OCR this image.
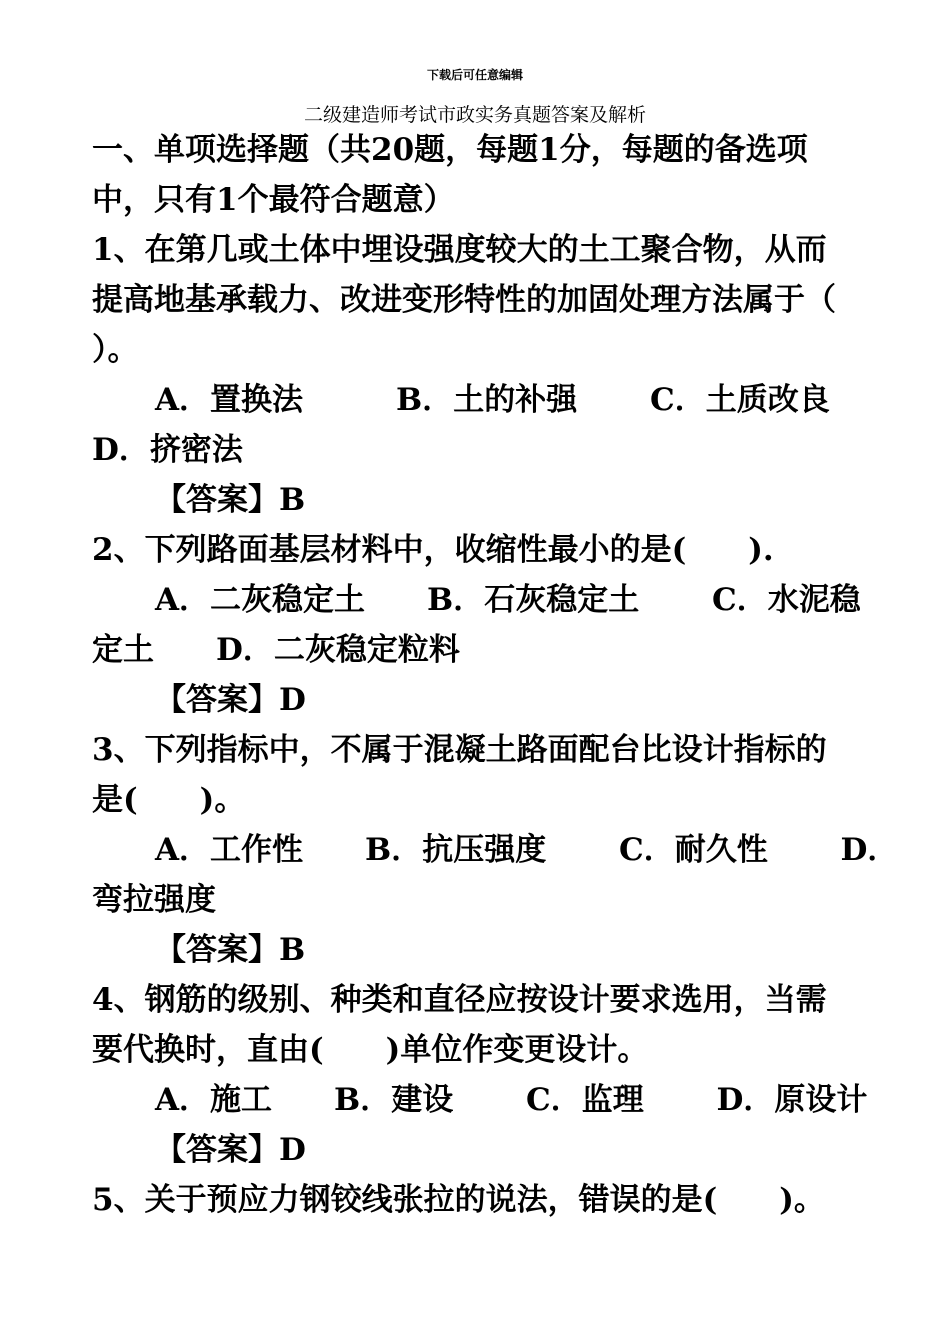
下载后可任意编辑
二级建造师考试市政实务真题答案及解析
一、单项选择题（共20题，每题1分，每题的备选项
中，只有1个最符合题意）
1、在第几或土体中埋设强度较大的土工聚合物，从而
提高地基承载力、改进变形特性的加固处理方法属于（
）。
A．置换法　　　B．土的补强　　 C．土质改良
D．挤密法
【答案】B
2、下列路面基层材料中，收缩性最小的是(　　).
A．二灰稳定土　　B．石灰稳定土　　 C．水泥稳
定土　　D．二灰稳定粒料
【答案】D
3、下列指标中，不属于混凝土路面配台比设计指标的
是(　　)。
A．工作性　　B．抗压强度　　 C．耐久性　　 D．
弯拉强度
【答案】B
4、钢筋的级别、种类和直径应按设计要求选用，当需
要代换时，直由(　　)单位作变更设计。
A．施工　　B．建设　　 C．监理　　 D．原设计
【答案】D
5、关于预应力钢铰线张拉的说法，错误的是(　　)。
